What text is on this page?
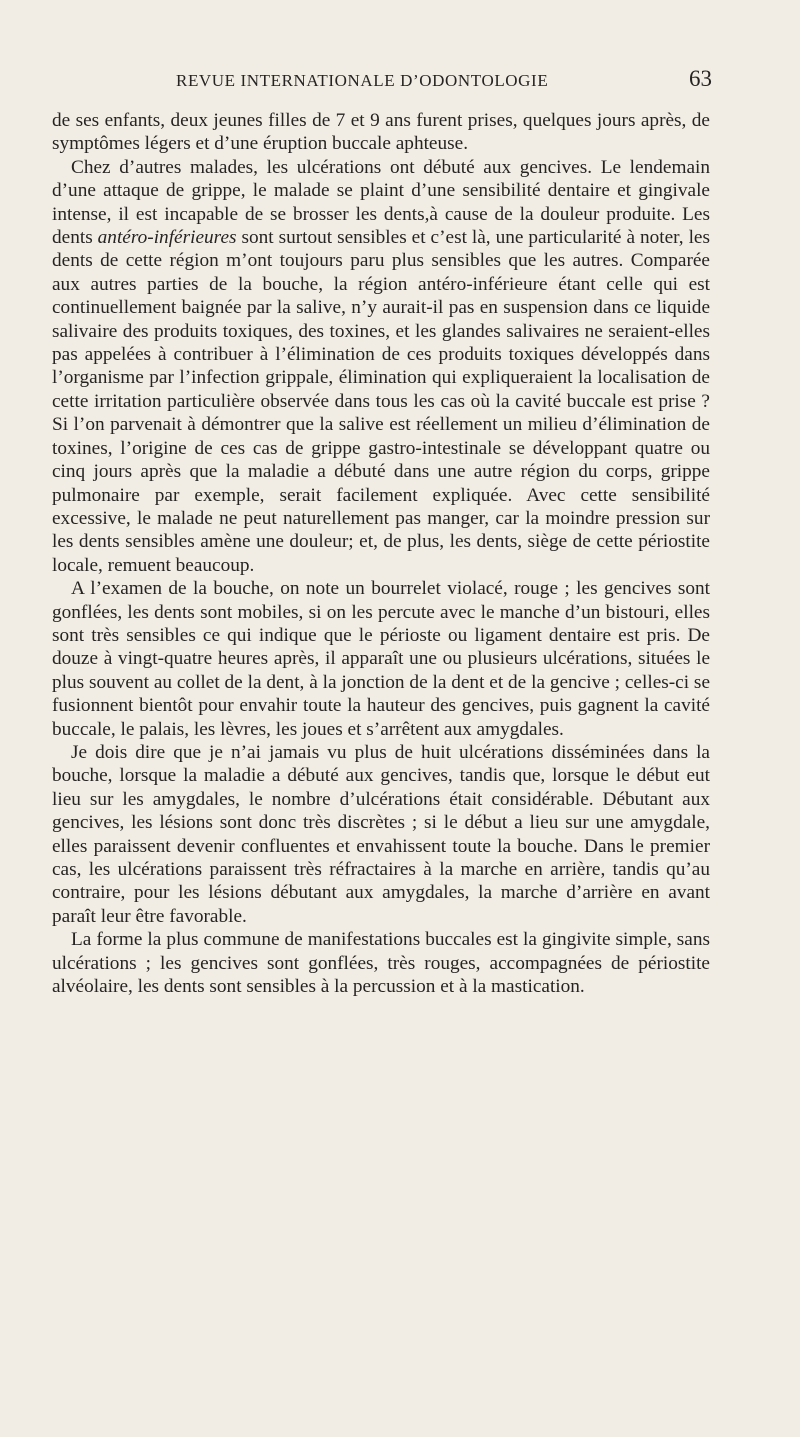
REVUE INTERNATIONALE D’ODONTOLOGIE	63

de ses enfants, deux jeunes filles de 7 et 9 ans furent prises, quelques jours après, de symptômes légers et d’une éruption buccale aphteuse.

Chez d’autres malades, les ulcérations ont débuté aux gencives. Le lendemain d’une attaque de grippe, le malade se plaint d’une sensibilité dentaire et gingivale intense, il est incapable de se brosser les dents,à cause de la douleur produite. Les dents antéro-inférieures sont surtout sensibles et c’est là, une particularité à noter, les dents de cette région m’ont toujours paru plus sensibles que les autres. Comparée aux autres parties de la bouche, la région antéro-inférieure étant celle qui est continuellement baignée par la salive, n’y aurait-il pas en suspension dans ce liquide salivaire des produits toxiques, des toxines, et les glandes salivaires ne seraient-elles pas appelées à contribuer à l’élimination de ces produits toxiques développés dans l’organisme par l’infection grippale, élimination qui expliqueraient la localisation de cette irritation particulière observée dans tous les cas où la cavité buccale est prise ? Si l’on parvenait à démontrer que la salive est réellement un milieu d’élimination de toxines, l’origine de ces cas de grippe gastro-intestinale se développant quatre ou cinq jours après que la maladie a débuté dans une autre région du corps, grippe pulmonaire par exemple, serait facilement expliquée. Avec cette sensibilité excessive, le malade ne peut naturellement pas manger, car la moindre pression sur les dents sensibles amène une douleur; et, de plus, les dents, siège de cette périostite locale, remuent beaucoup.

A l’examen de la bouche, on note un bourrelet violacé, rouge ; les gencives sont gonflées, les dents sont mobiles, si on les percute avec le manche d’un bistouri, elles sont très sensibles ce qui indique que le périoste ou ligament dentaire est pris. De douze à vingt-quatre heures après, il apparaît une ou plusieurs ulcérations, situées le plus souvent au collet de la dent, à la jonction de la dent et de la gencive ; celles-ci se fusionnent bientôt pour envahir toute la hauteur des gencives, puis gagnent la cavité buccale, le palais, les lèvres, les joues et s’arrêtent aux amygdales.

Je dois dire que je n’ai jamais vu plus de huit ulcérations disséminées dans la bouche, lorsque la maladie a débuté aux gencives, tandis que, lorsque le début eut lieu sur les amygdales, le nombre d’ulcérations était considérable. Débutant aux gencives, les lésions sont donc très discrètes ; si le début a lieu sur une amygdale, elles paraissent devenir confluentes et envahissent toute la bouche. Dans le premier cas, les ulcérations paraissent très réfractaires à la marche en arrière, tandis qu’au contraire, pour les lésions débutant aux amygdales, la marche d’arrière en avant paraît leur être favorable.

La forme la plus commune de manifestations buccales est la gingivite simple, sans ulcérations ; les gencives sont gonflées, très rouges, accompagnées de périostite alvéolaire, les dents sont sensibles à la percussion et à la mastication.
